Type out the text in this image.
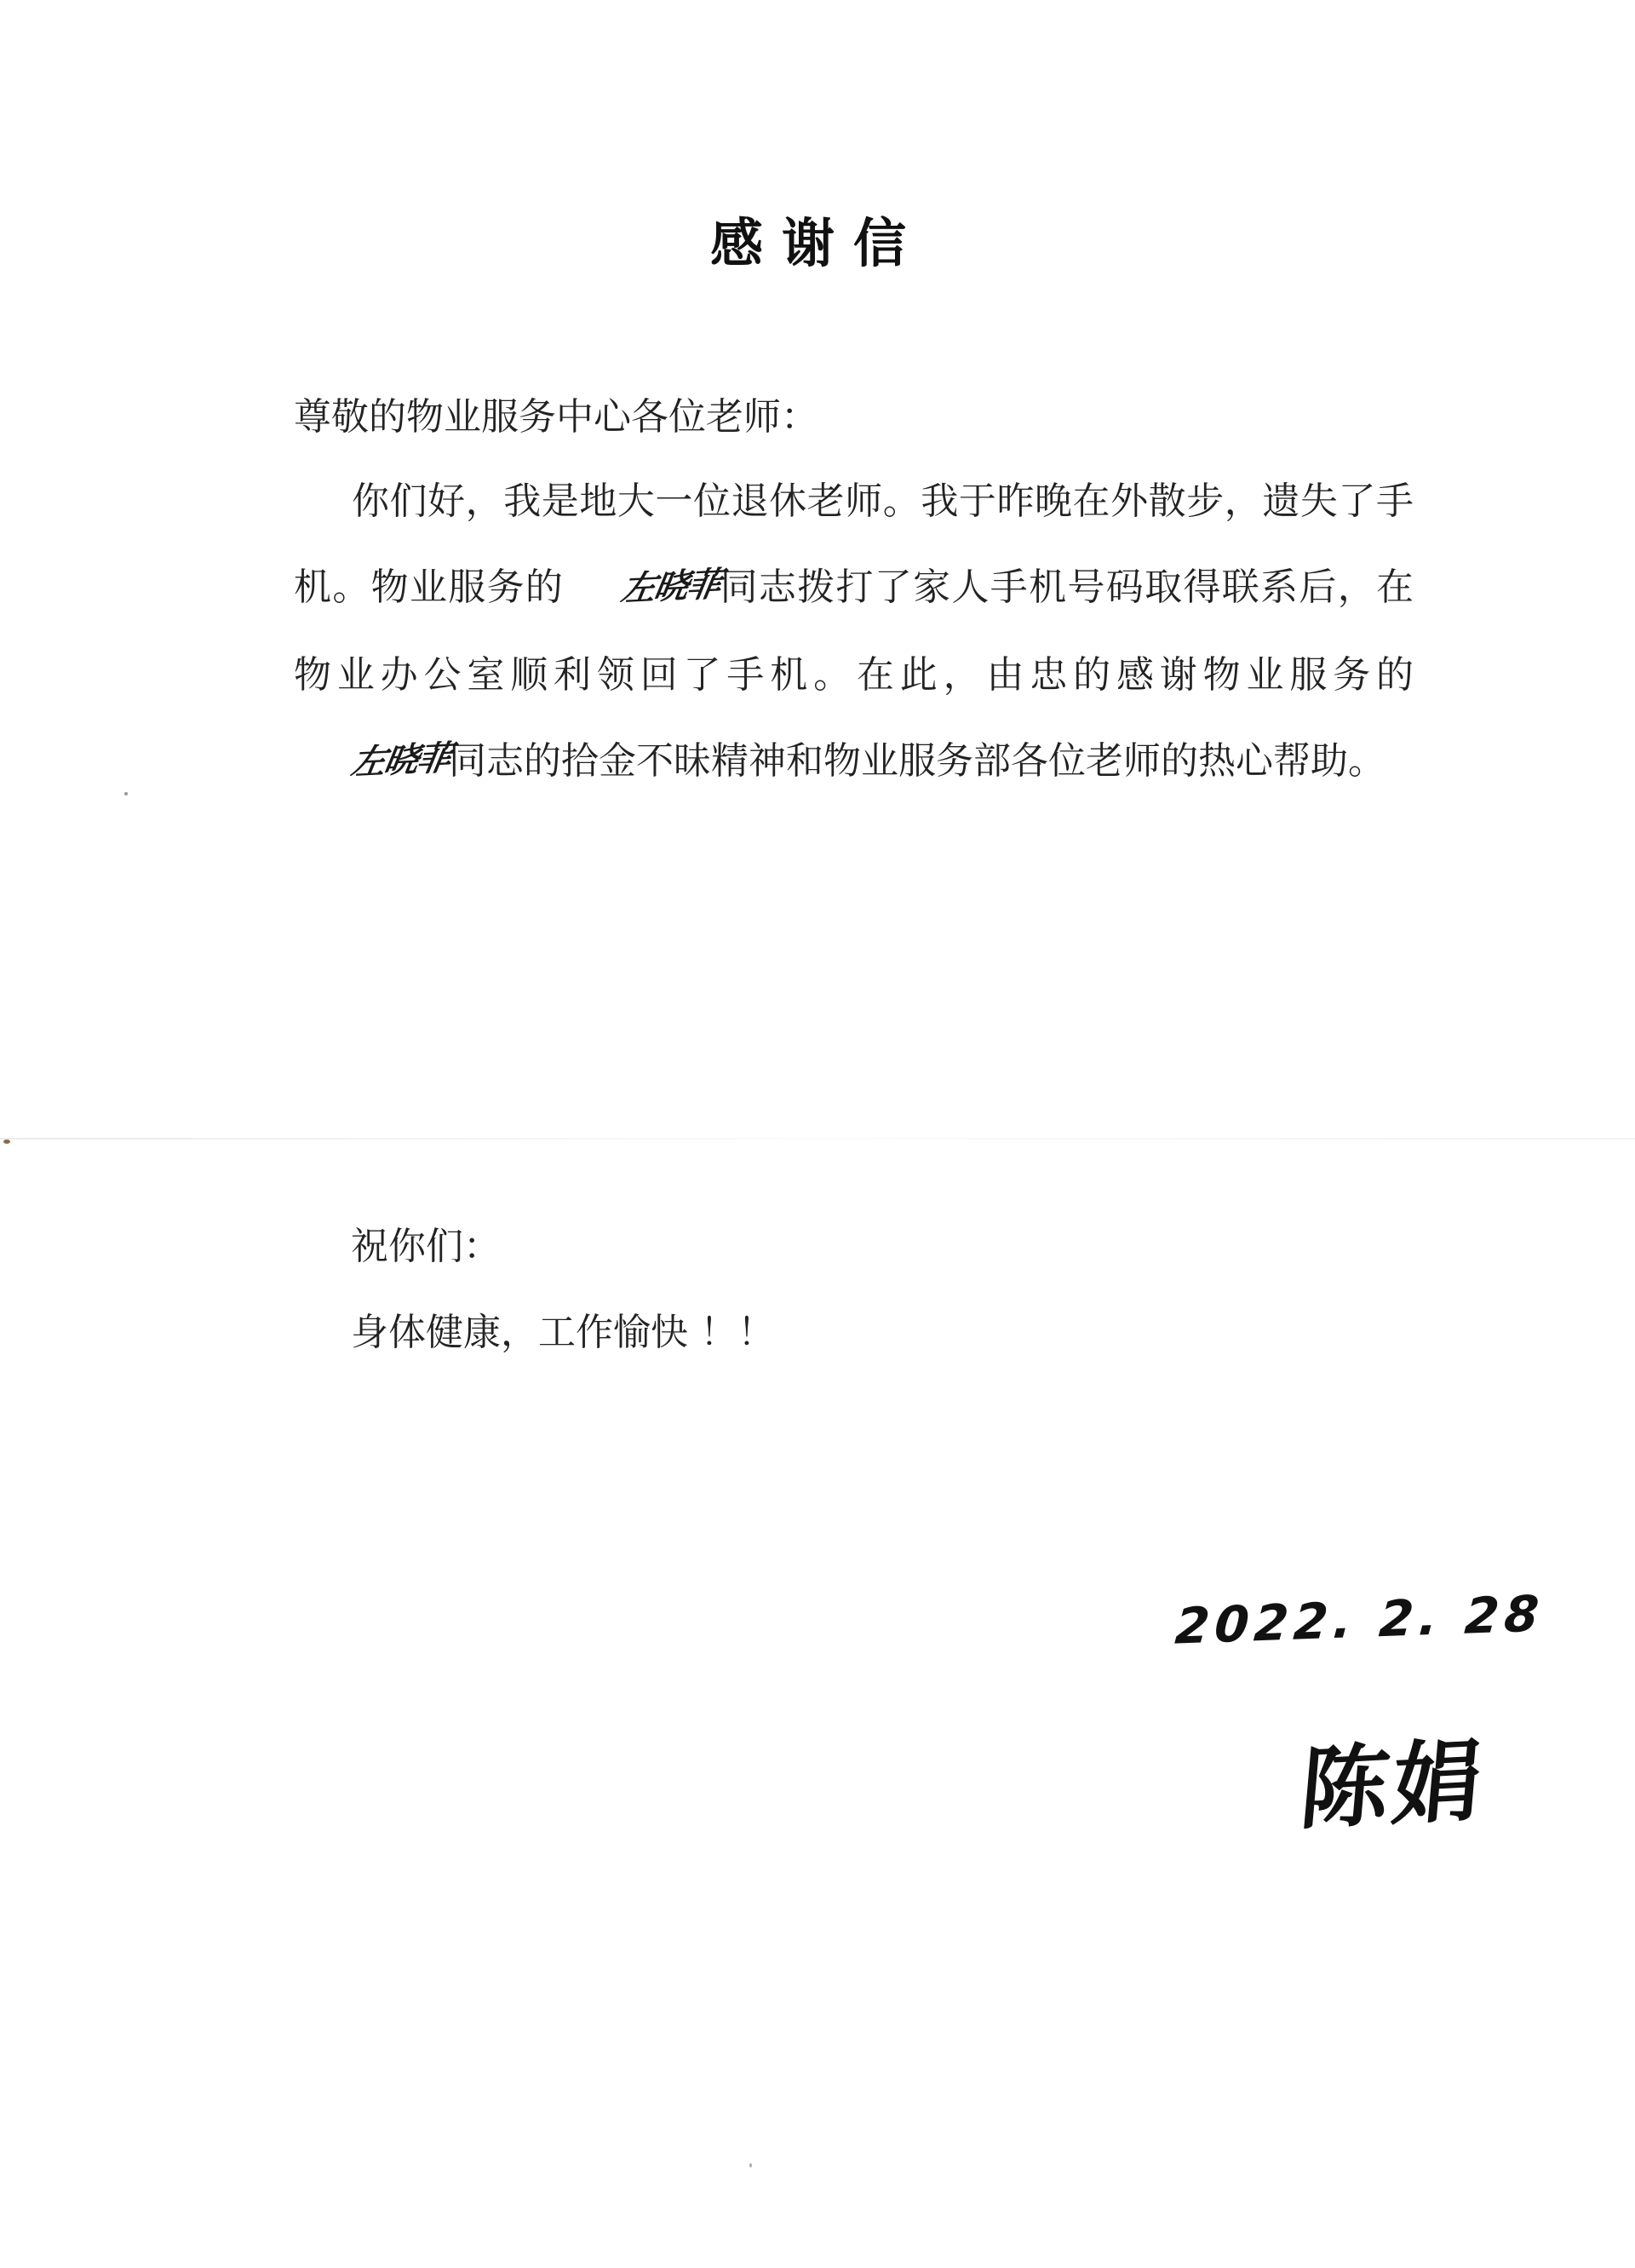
感谢信
尊敬的物业服务中心各位老师：
你们好，我是地大一位退休老师。我于昨晚在外散步，遗失了手机。物业服务的 左晓菲同志拨打了家人手机号码取得联系后，在物业办公室顺利领回了手机。在此，由忠的感谢物业服务的左晓菲同志的拾金不昧精神和物业服务部各位老师的热心帮助。
祝你们：
身体健康，工作愉快 ！！
2022. 2. 28
陈娟
